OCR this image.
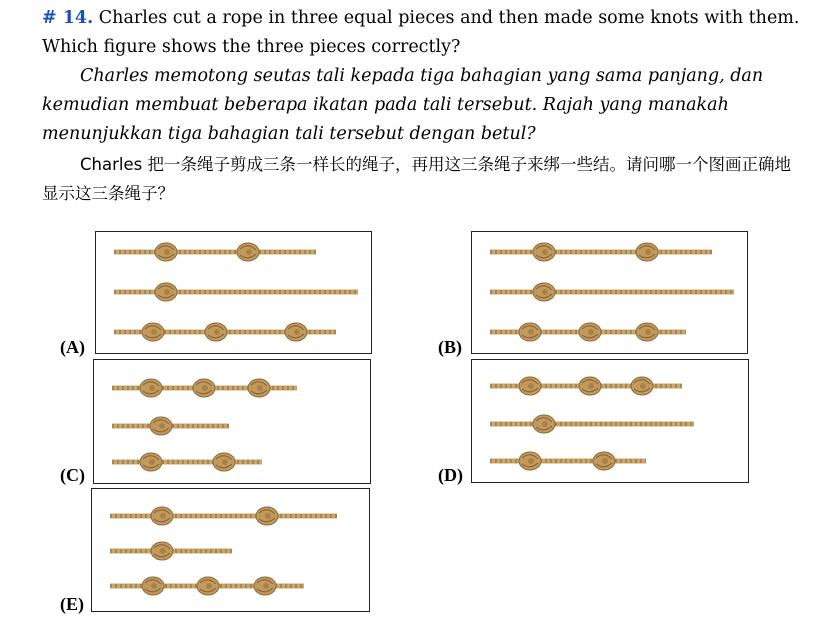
# 14. Charles cut a rope in three equal pieces and then made some knots with them. Which figure shows the three pieces correctly?

Charles memotong seutas tali kepada tiga bahagian yang sama panjang, dan kemudian membuat beberapa ikatan pada tali tersebut. Rajah yang manakah menunjukkan tiga bahagian tali tersebut dengan betul?

Charles 把一条绳子剪成三条一样长的绳子，再用这三条绳子来绑一些结。请问哪一个图画正确地显示这三条绳子？

(A)	(B)
(C)	(D)
(E)
